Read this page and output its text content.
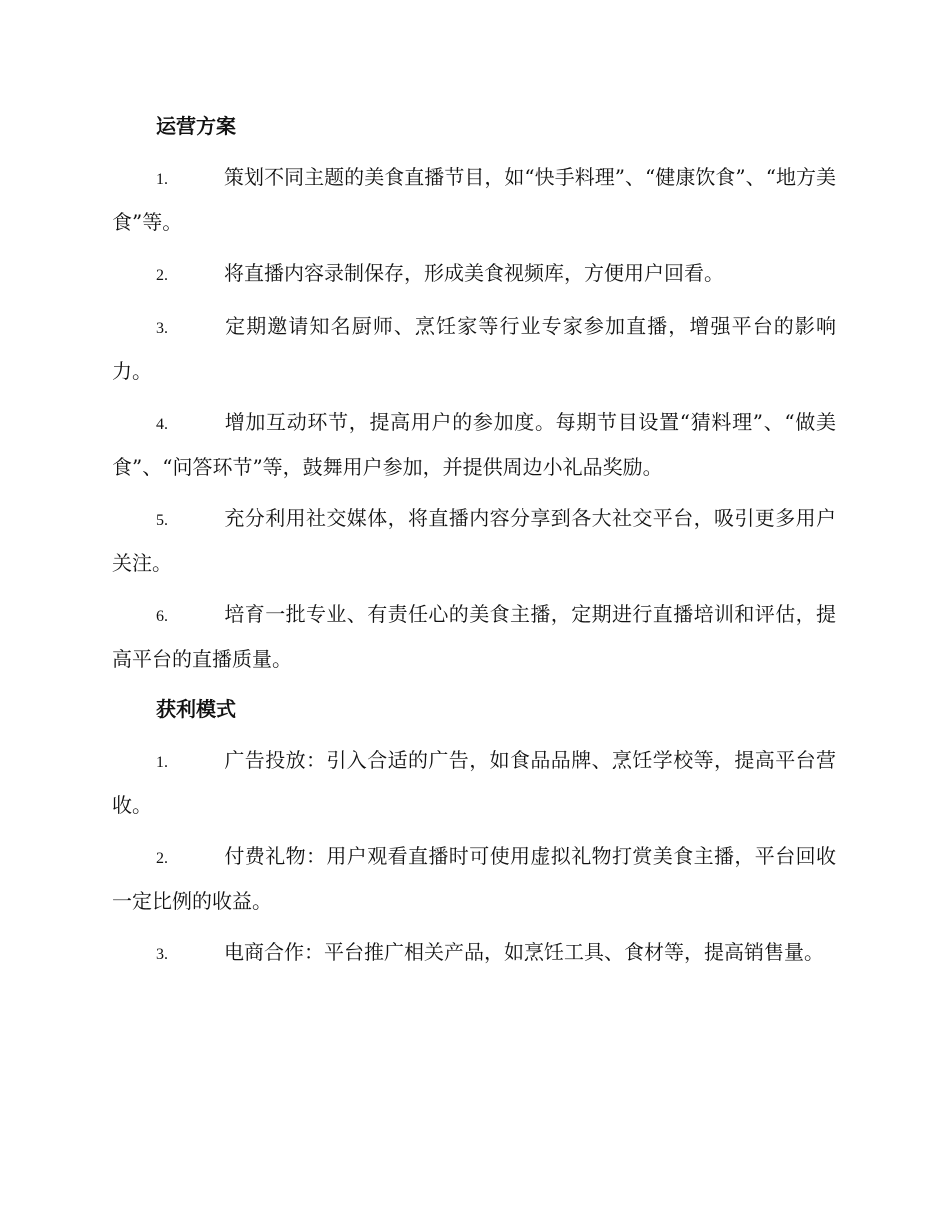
运营方案
1.	策划不同主题的美食直播节目，如“快手料理”、“健康饮食”、“地方美食”等。
2.	将直播内容录制保存，形成美食视频库，方便用户回看。
3.	定期邀请知名厨师、烹饪家等行业专家参加直播，增强平台的影响力。
4.	增加互动环节，提高用户的参加度。每期节目设置“猜料理”、“做美食”、“问答环节”等，鼓舞用户参加，并提供周边小礼品奖励。
5.	充分利用社交媒体，将直播内容分享到各大社交平台，吸引更多用户关注。
6.	培育一批专业、有责任心的美食主播，定期进行直播培训和评估，提高平台的直播质量。
获利模式
1.	广告投放：引入合适的广告，如食品品牌、烹饪学校等，提高平台营收。
2.	付费礼物：用户观看直播时可使用虚拟礼物打赏美食主播，平台回收一定比例的收益。
3.	电商合作：平台推广相关产品，如烹饪工具、食材等，提高销售量。
